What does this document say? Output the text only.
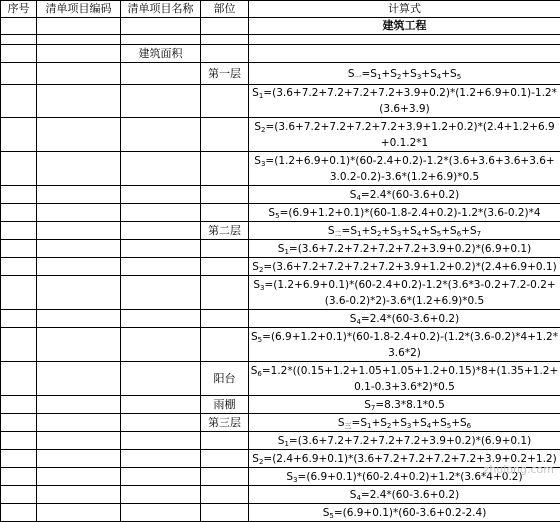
序号	清单项目编码	清单项目名称	部位	计算式
				建筑工程

		建筑面积		
			第一层	$S_一=S_1+S_2+S_3+S_4+S_5$
				$S_1=(3.6+7.2+7.2+7.2+7.2+3.9+0.2)*(1.2+6.9+0.1)-1.2*(3.6+3.9)$
				$S_2=(3.6+7.2+7.2+7.2+7.2+3.9+1.2+0.2)*(2.4+1.2+6.9+0.1.2*1$
				$S_3=(1.2+6.9+0.1)*(60-2.4+0.2)-1.2*(3.6+3.6+3.6+3.6+3.0.2-0.2)-3.6*(1.2+6.9)*0.5$
				$S_4=2.4*(60-3.6+0.2)$
				$S_5=(6.9+1.2+0.1)*(60-1.8-2.4+0.2)-1.2*(3.6-0.2)*4$
			第二层	$S_二=S_1+S_2+S_3+S_4+S_5+S_6+S_7$
				$S_1=(3.6+7.2+7.2+7.2+7.2+3.9+0.2)*(6.9+0.1)$
				$S_2=(3.6+7.2+7.2+7.2+7.2+3.9+1.2+0.2)*(2.4+6.9+0.1)$
				$S_3=(1.2+6.9+0.1)*(60-2.4+0.2)-1.2*(3.6*3-0.2+7.2-0.2+(3.6-0.2)*2)-3.6*(1.2+6.9)*0.5$
				$S_4=2.4*(60-3.6+0.2)$
				$S_5=(6.9+1.2+0.1)*(60-1.8-2.4+0.2)-(1.2*(3.6-0.2)*4+1.2*3.6*2)$
			阳台	$S_6=1.2*((0.15+1.2+1.05+1.05+1.2+0.15)*8+(1.35+1.2+0.1-0.3+3.6*2)*0.5$
			雨棚	$S_7=8.3*8.1*0.5$
			第三层	$S_三=S_1+S_2+S_3+S_4+S_5+S_6$
				$S_1=(3.6+7.2+7.2+7.2+7.2+3.9+0.2)*(6.9+0.1)$
				$S_2=(2.4+6.9+0.1)*(3.6+7.2+7.2+7.2+7.2+3.9+0.2+1.2)$
				$S_3=(6.9+0.1)*(60-2.4+0.2)+1.2*(3.6*4+0.2)$
				$S_4=2.4*(60-3.6+0.2)$
				$S_5=(6.9+0.1)*(60-3.6+0.2-2.4)$
zhulong.com
